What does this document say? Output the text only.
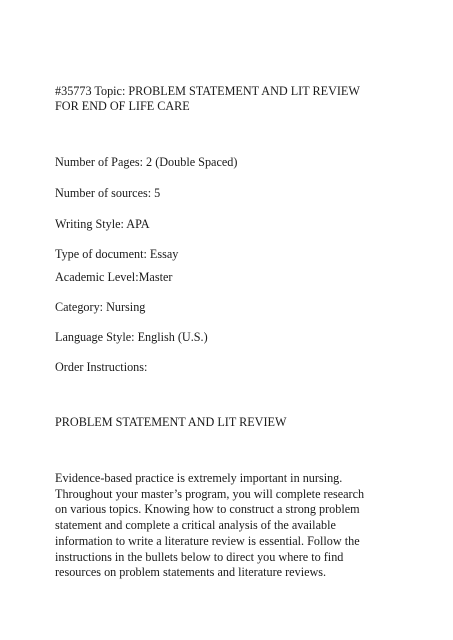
#35773 Topic: PROBLEM STATEMENT AND LIT REVIEW
FOR END OF LIFE CARE
Number of Pages: 2 (Double Spaced)
Number of sources: 5
Writing Style: APA
Type of document: Essay
Academic Level:Master
Category: Nursing
Language Style: English (U.S.)
Order Instructions:
PROBLEM STATEMENT AND LIT REVIEW
Evidence-based practice is extremely important in nursing.
Throughout your master’s program, you will complete research
on various topics. Knowing how to construct a strong problem
statement and complete a critical analysis of the available
information to write a literature review is essential. Follow the
instructions in the bullets below to direct you where to find
resources on problem statements and literature reviews.
